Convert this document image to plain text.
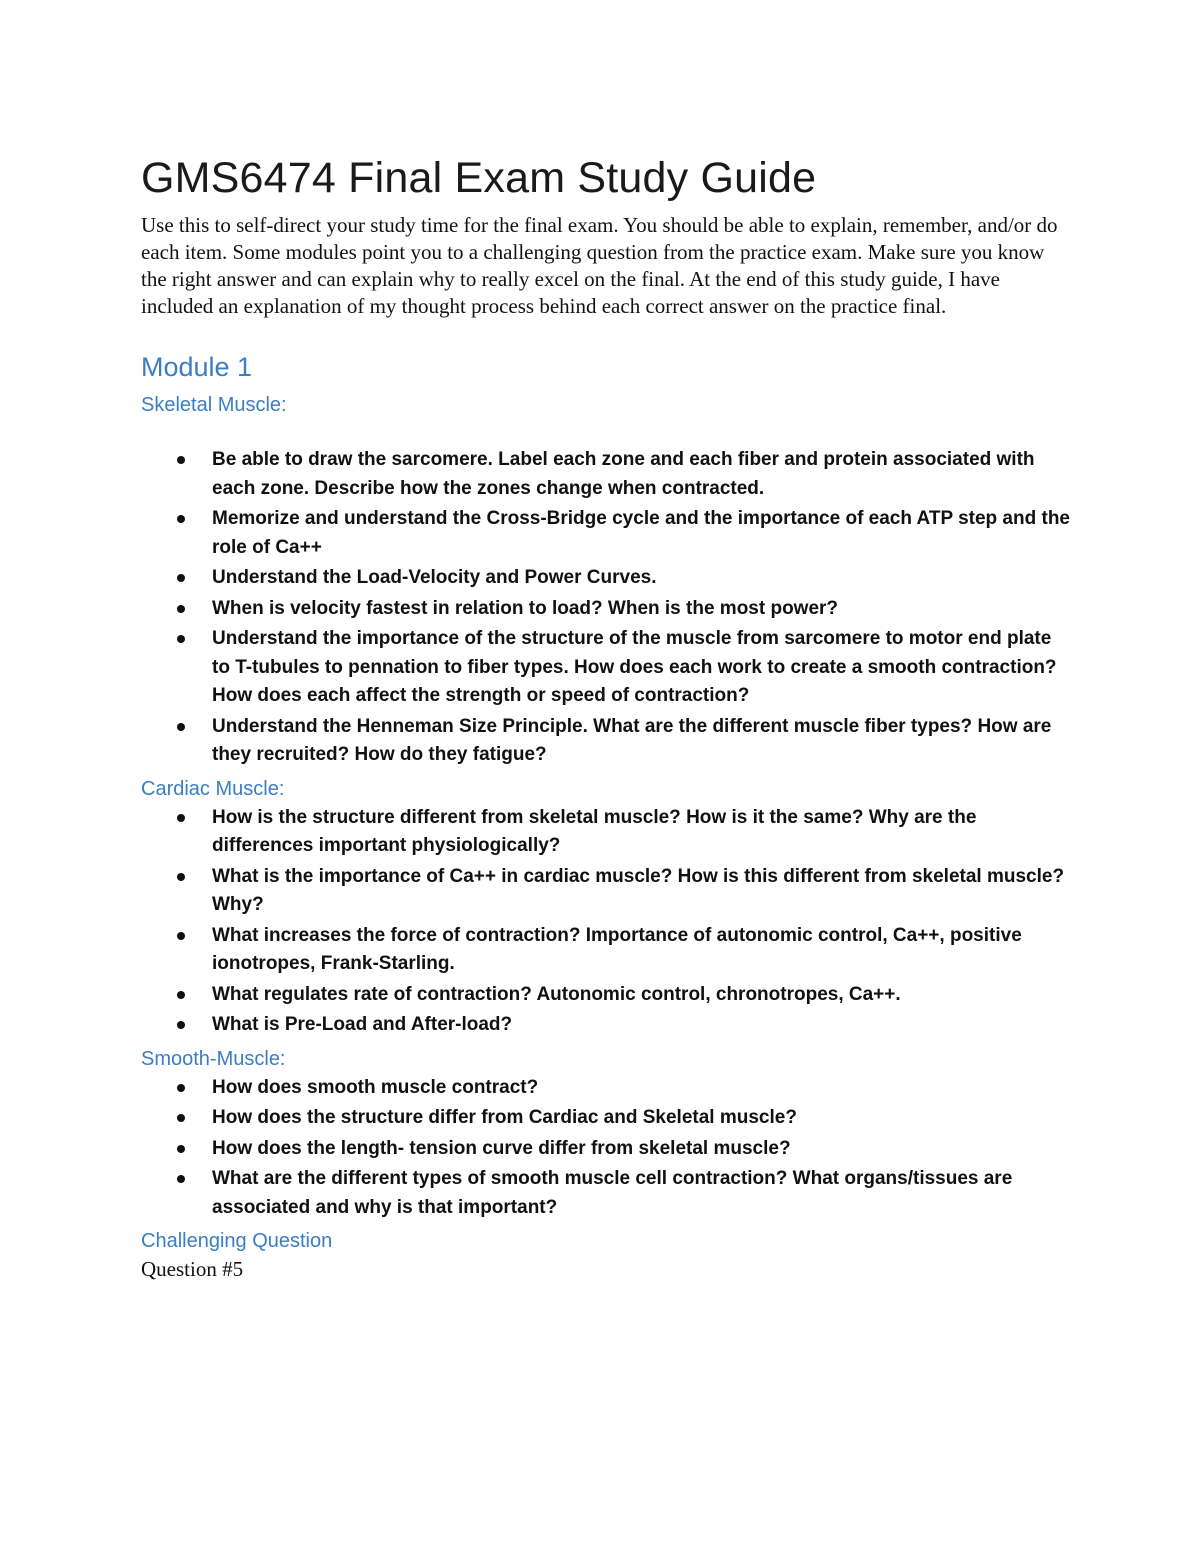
GMS6474 Final Exam Study Guide

Use this to self-direct your study time for the final exam. You should be able to explain, remember, and/or do each item. Some modules point you to a challenging question from the practice exam. Make sure you know the right answer and can explain why to really excel on the final. At the end of this study guide, I have included an explanation of my thought process behind each correct answer on the practice final.

Module 1
Skeletal Muscle:
Be able to draw the sarcomere. Label each zone and each fiber and protein associated with each zone. Describe how the zones change when contracted.
Memorize and understand the Cross-Bridge cycle and the importance of each ATP step and the role of Ca++
Understand the Load-Velocity and Power Curves.
When is velocity fastest in relation to load? When is the most power?
Understand the importance of the structure of the muscle from sarcomere to motor end plate to T-tubules to pennation to fiber types. How does each work to create a smooth contraction? How does each affect the strength or speed of contraction?
Understand the Henneman Size Principle. What are the different muscle fiber types? How are they recruited? How do they fatigue?
Cardiac Muscle:
How is the structure different from skeletal muscle? How is it the same? Why are the differences important physiologically?
What is the importance of Ca++ in cardiac muscle? How is this different from skeletal muscle? Why?
What increases the force of contraction? Importance of autonomic control, Ca++, positive ionotropes, Frank-Starling.
What regulates rate of contraction? Autonomic control, chronotropes, Ca++.
What is Pre-Load and After-load?
Smooth-Muscle:
How does smooth muscle contract?
How does the structure differ from Cardiac and Skeletal muscle?
How does the length- tension curve differ from skeletal muscle?
What are the different types of smooth muscle cell contraction? What organs/tissues are associated and why is that important?
Challenging Question

Question #5
